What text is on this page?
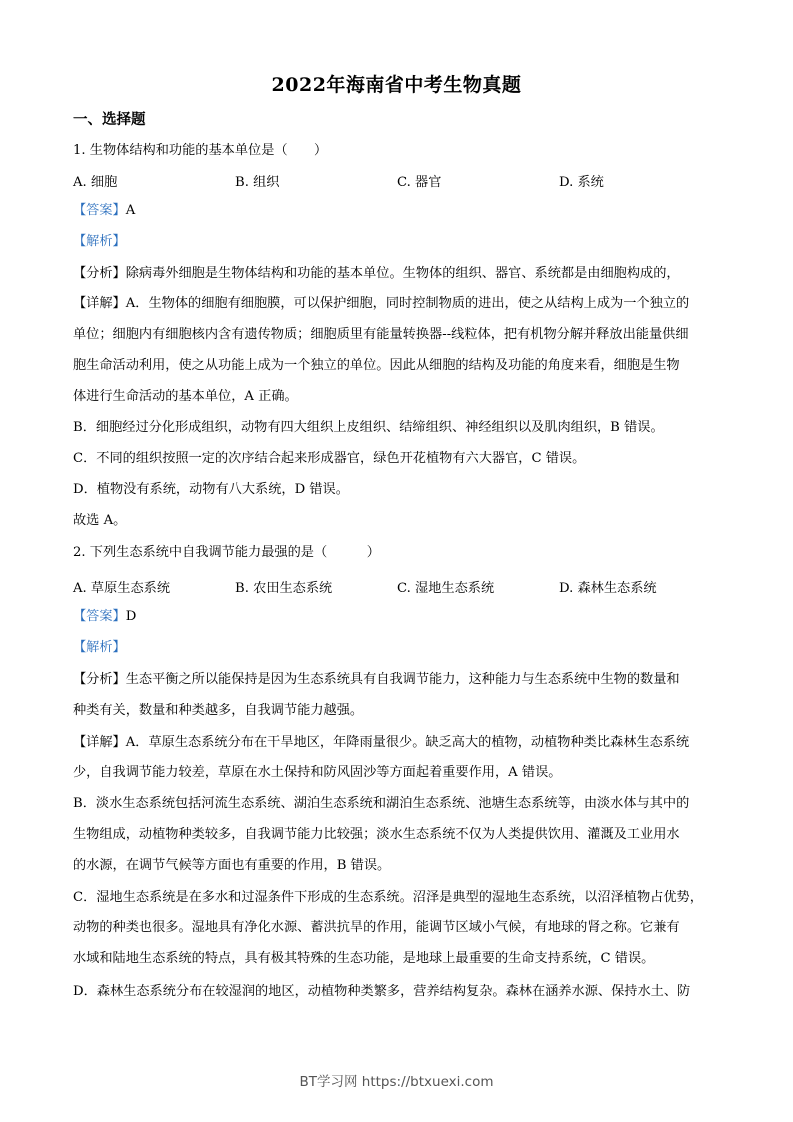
2022年海南省中考生物真题
一、选择题
1. 生物体结构和功能的基本单位是（　　）
A. 细胞	B. 组织	C. 器官	D. 系统
【答案】A
【解析】
【分析】除病毒外细胞是生物体结构和功能的基本单位。生物体的组织、器官、系统都是由细胞构成的，
【详解】A．生物体的细胞有细胞膜，可以保护细胞，同时控制物质的进出，使之从结构上成为一个独立的
单位；细胞内有细胞核内含有遗传物质；细胞质里有能量转换器--线粒体，把有机物分解并释放出能量供细
胞生命活动利用，使之从功能上成为一个独立的单位。因此从细胞的结构及功能的角度来看，细胞是生物
体进行生命活动的基本单位，A 正确。
B．细胞经过分化形成组织，动物有四大组织上皮组织、结缔组织、神经组织以及肌肉组织，B 错误。
C．不同的组织按照一定的次序结合起来形成器官，绿色开花植物有六大器官，C 错误。
D．植物没有系统，动物有八大系统，D 错误。
故选 A。
2. 下列生态系统中自我调节能力最强的是（　　　）
A. 草原生态系统	B. 农田生态系统	C. 湿地生态系统	D. 森林生态系统
【答案】D
【解析】
【分析】生态平衡之所以能保持是因为生态系统具有自我调节能力，这种能力与生态系统中生物的数量和
种类有关，数量和种类越多，自我调节能力越强。
【详解】A．草原生态系统分布在干旱地区，年降雨量很少。缺乏高大的植物，动植物种类比森林生态系统
少，自我调节能力较差，草原在水土保持和防风固沙等方面起着重要作用，A 错误。
B．淡水生态系统包括河流生态系统、湖泊生态系统和湖泊生态系统、池塘生态系统等，由淡水体与其中的
生物组成，动植物种类较多，自我调节能力比较强；淡水生态系统不仅为人类提供饮用、灌溉及工业用水
的水源，在调节气候等方面也有重要的作用，B 错误。
C．湿地生态系统是在多水和过湿条件下形成的生态系统。沼泽是典型的湿地生态系统，以沼泽植物占优势，
动物的种类也很多。湿地具有净化水源、蓄洪抗旱的作用，能调节区域小气候，有地球的肾之称。它兼有
水域和陆地生态系统的特点，具有极其特殊的生态功能，是地球上最重要的生命支持系统，C 错误。
D．森林生态系统分布在较湿润的地区，动植物种类繁多，营养结构复杂。森林在涵养水源、保持水土、防
BT学习网 https://btxuexi.com
